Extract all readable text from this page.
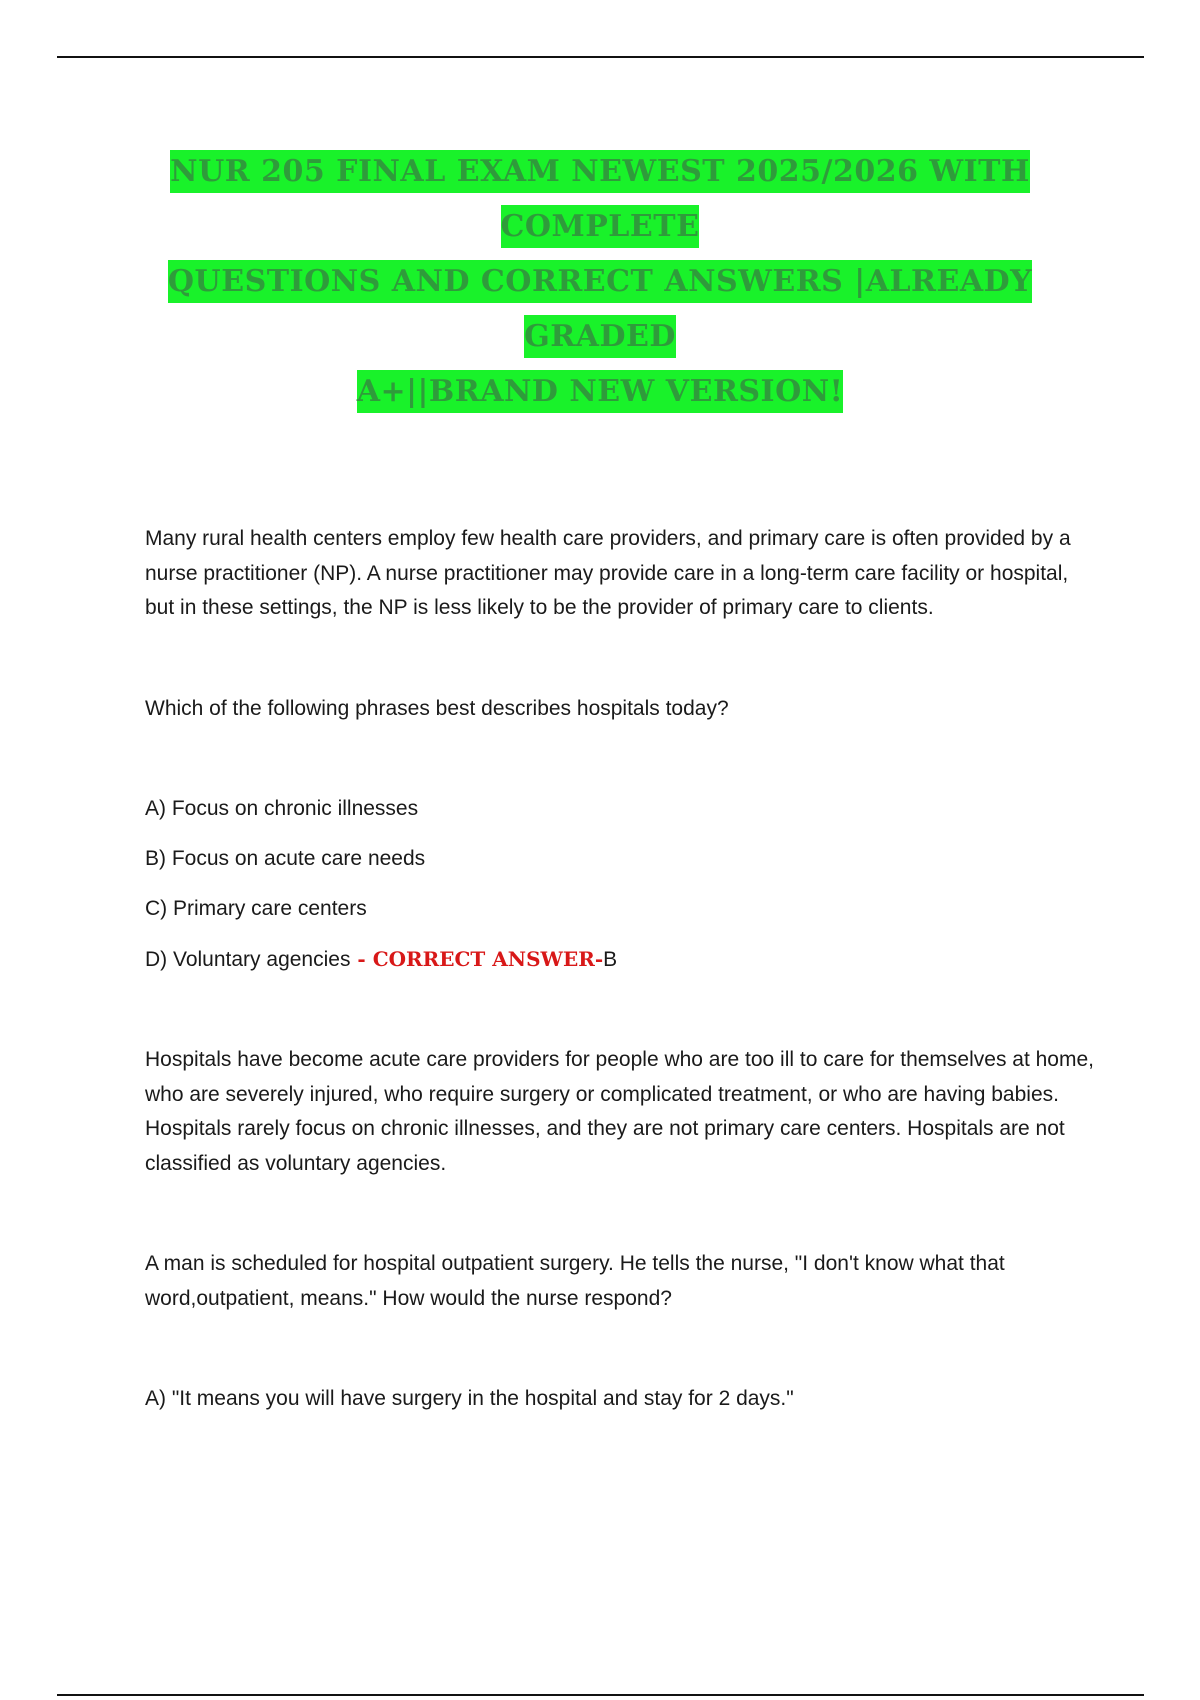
NUR 205 FINAL EXAM NEWEST 2025/2026 WITH COMPLETE
QUESTIONS AND CORRECT ANSWERS |ALREADY GRADED
A+||BRAND NEW VERSION!

Many rural health centers employ few health care providers, and primary care is often provided by a nurse practitioner (NP). A nurse practitioner may provide care in a long-term care facility or hospital, but in these settings, the NP is less likely to be the provider of primary care to clients.

Which of the following phrases best describes hospitals today?

A) Focus on chronic illnesses

B) Focus on acute care needs

C) Primary care centers

D) Voluntary agencies - CORRECT ANSWER-B

Hospitals have become acute care providers for people who are too ill to care for themselves at home, who are severely injured, who require surgery or complicated treatment, or who are having babies. Hospitals rarely focus on chronic illnesses, and they are not primary care centers. Hospitals are not classified as voluntary agencies.

A man is scheduled for hospital outpatient surgery. He tells the nurse, "I don't know what that word,outpatient, means." How would the nurse respond?

A) "It means you will have surgery in the hospital and stay for 2 days."
